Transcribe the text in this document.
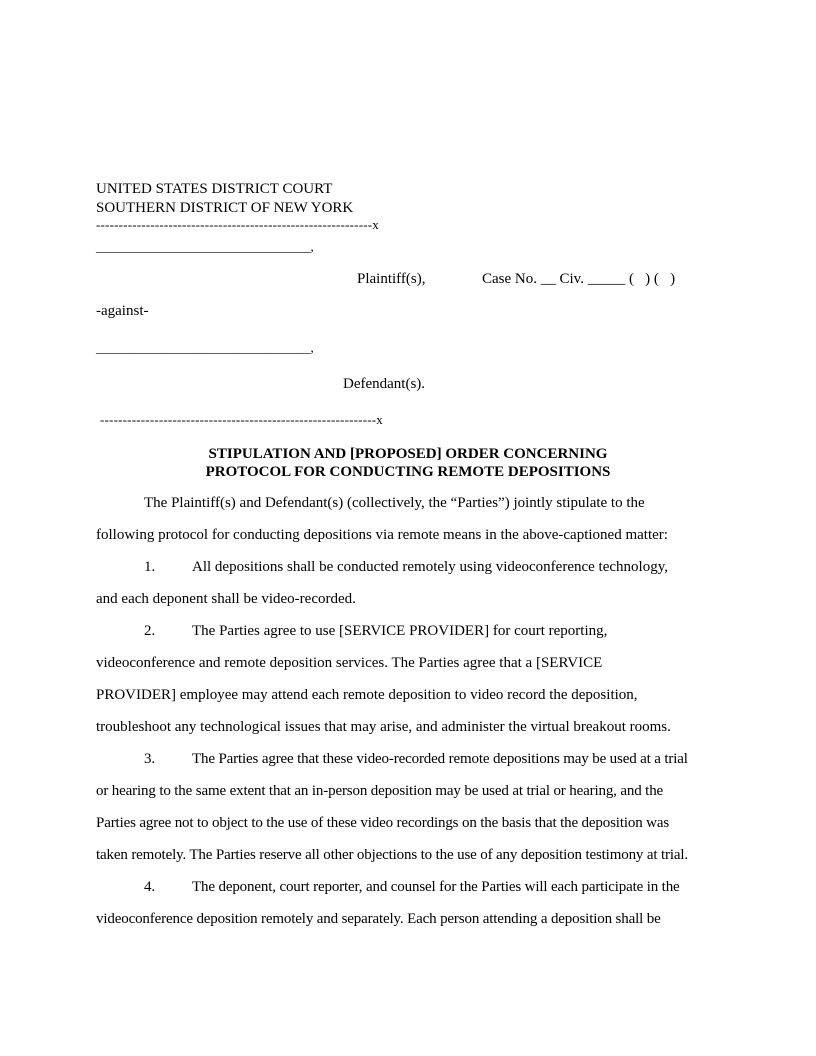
UNITED STATES DISTRICT COURT
SOUTHERN DISTRICT OF NEW YORK
-------------------------------------------------------------x
_________________________________,
Plaintiff(s),	Case No. __ Civ. _____ (   ) (   )
-against-
_________________________________,
Defendant(s).
-------------------------------------------------------------x
STIPULATION AND [PROPOSED] ORDER CONCERNING
PROTOCOL FOR CONDUCTING REMOTE DEPOSITIONS
The Plaintiff(s) and Defendant(s) (collectively, the “Parties”) jointly stipulate to the
following protocol for conducting depositions via remote means in the above-captioned matter:
1. All depositions shall be conducted remotely using videoconference technology,
and each deponent shall be video-recorded.
2. The Parties agree to use [SERVICE PROVIDER] for court reporting,
videoconference and remote deposition services. The Parties agree that a [SERVICE
PROVIDER] employee may attend each remote deposition to video record the deposition,
troubleshoot any technological issues that may arise, and administer the virtual breakout rooms.
3. The Parties agree that these video-recorded remote depositions may be used at a trial
or hearing to the same extent that an in-person deposition may be used at trial or hearing, and the
Parties agree not to object to the use of these video recordings on the basis that the deposition was
taken remotely. The Parties reserve all other objections to the use of any deposition testimony at trial.
4. The deponent, court reporter, and counsel for the Parties will each participate in the
videoconference deposition remotely and separately. Each person attending a deposition shall be
